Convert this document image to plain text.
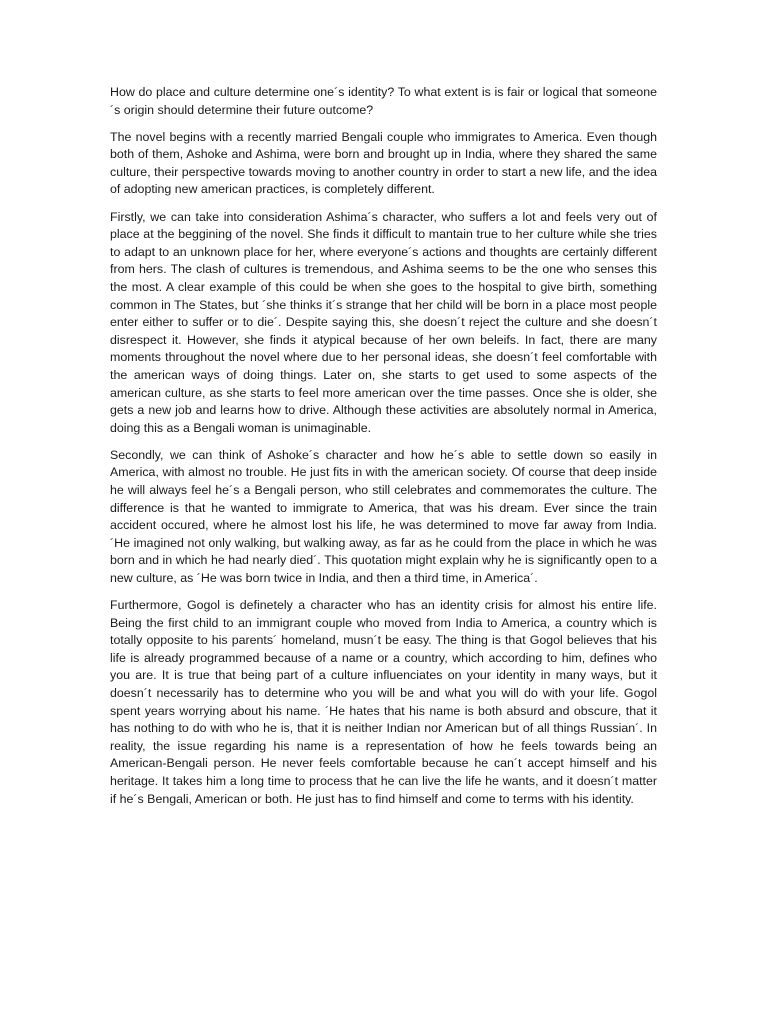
How do place and culture determine one´s identity? To what extent is is fair or logical that someone´s origin should determine their future outcome?

The novel begins with a recently married Bengali couple who immigrates to America. Even though both of them, Ashoke and Ashima, were born and brought up in India, where they shared the same culture, their perspective towards moving to another country in order to start a new life, and the idea of adopting new american practices, is completely different.

Firstly, we can take into consideration Ashima´s character, who suffers a lot and feels very out of place at the beggining of the novel. She finds it difficult to mantain true to her culture while she tries to adapt to an unknown place for her, where everyone´s actions and thoughts are certainly different from hers. The clash of cultures is tremendous, and Ashima seems to be the one who senses this the most. A clear example of this could be when she goes to the hospital to give birth, something common in The States, but ´she thinks it´s strange that her child will be born in a place most people enter either to suffer or to die´. Despite saying this, she doesn´t reject the culture and she doesn´t disrespect it. However, she finds it atypical because of her own beleifs. In fact, there are many moments throughout the novel where due to her personal ideas, she doesn´t feel comfortable with the american ways of doing things. Later on, she starts to get used to some aspects of the american culture, as she starts to feel more american over the time passes. Once she is older, she gets a new job and learns how to drive. Although these activities are absolutely normal in America, doing this as a Bengali woman is unimaginable.

Secondly, we can think of Ashoke´s character and how he´s able to settle down so easily in America, with almost no trouble. He just fits in with the american society. Of course that deep inside he will always feel he´s a Bengali person, who still celebrates and commemorates the culture. The difference is that he wanted to immigrate to America, that was his dream. Ever since the train accident occured, where he almost lost his life, he was determined to move far away from India. ´He imagined not only walking, but walking away, as far as he could from the place in which he was born and in which he had nearly died´. This quotation might explain why he is significantly open to a new culture, as ´He was born twice in India, and then a third time, in America´.

Furthermore, Gogol is definetely a character who has an identity crisis for almost his entire life. Being the first child to an immigrant couple who moved from India to America, a country which is totally opposite to his parents´ homeland, musn´t be easy. The thing is that Gogol believes that his life is already programmed because of a name or a country, which according to him, defines who you are. It is true that being part of a culture influenciates on your identity in many ways, but it doesn´t necessarily has to determine who you will be and what you will do with your life. Gogol spent years worrying about his name. ´He hates that his name is both absurd and obscure, that it has nothing to do with who he is, that it is neither Indian nor American but of all things Russian´. In reality, the issue regarding his name is a representation of how he feels towards being an American-Bengali person. He never feels comfortable because he can´t accept himself and his heritage. It takes him a long time to process that he can live the life he wants, and it doesn´t matter if he´s Bengali, American or both. He just has to find himself and come to terms with his identity.
